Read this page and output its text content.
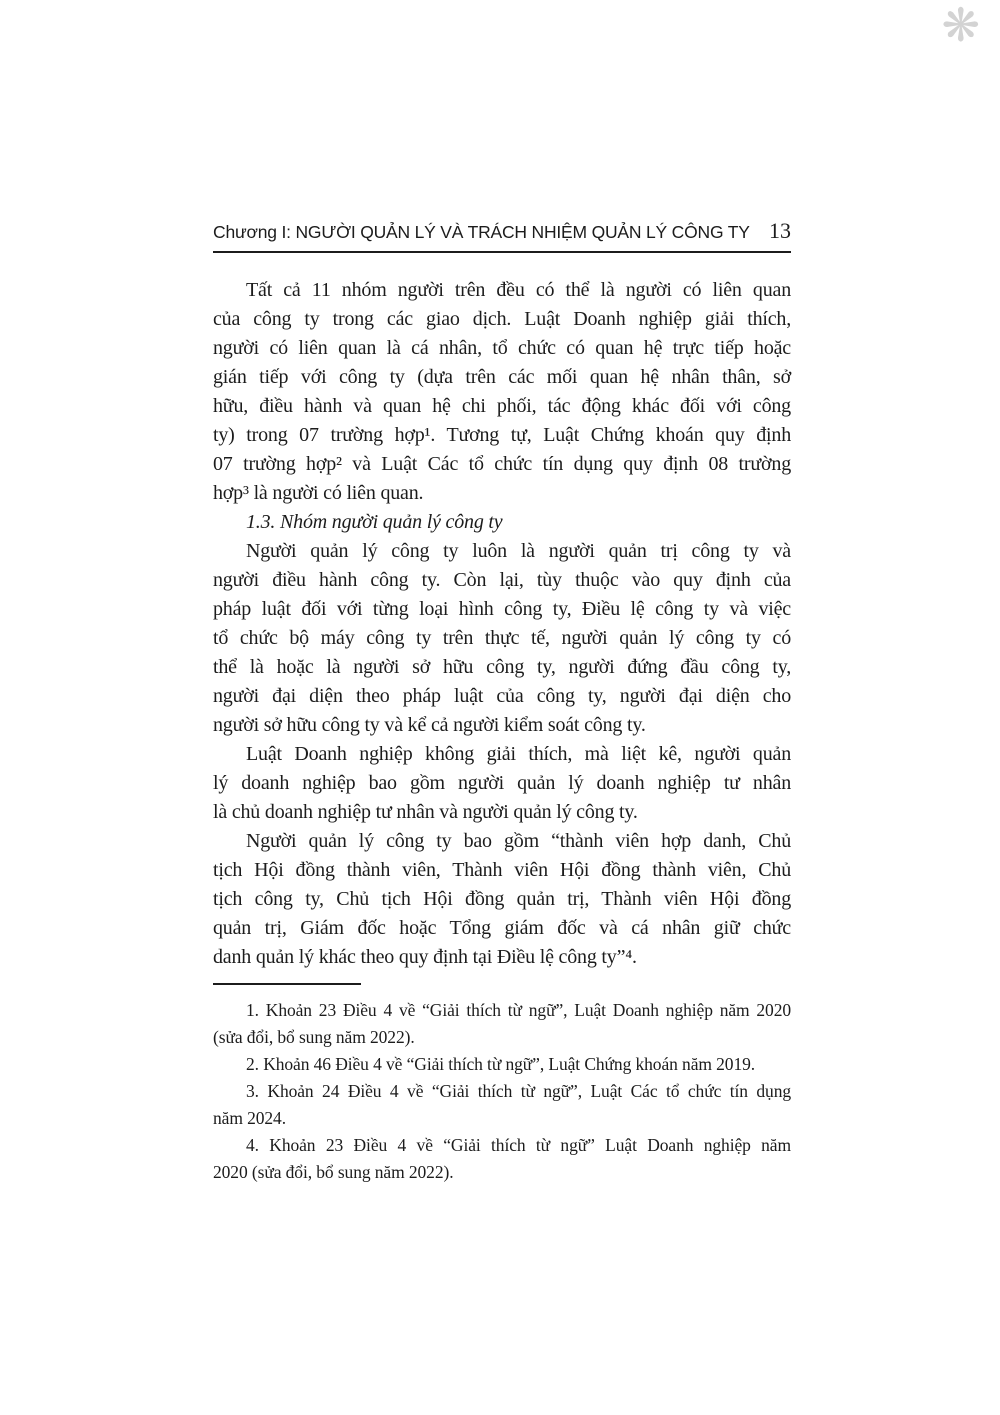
❋
Chương I: NGƯỜI QUẢN LÝ VÀ TRÁCH NHIỆM QUẢN LÝ CÔNG TY 13
Tất cả 11 nhóm người trên đều có thể là người có liên quan
của công ty trong các giao dịch. Luật Doanh nghiệp giải thích,
người có liên quan là cá nhân, tổ chức có quan hệ trực tiếp hoặc
gián tiếp với công ty (dựa trên các mối quan hệ nhân thân, sở
hữu, điều hành và quan hệ chi phối, tác động khác đối với công
ty) trong 07 trường hợp¹. Tương tự, Luật Chứng khoán quy định
07 trường hợp² và Luật Các tổ chức tín dụng quy định 08 trường
hợp³ là người có liên quan.
1.3. Nhóm người quản lý công ty
Người quản lý công ty luôn là người quản trị công ty và
người điều hành công ty. Còn lại, tùy thuộc vào quy định của
pháp luật đối với từng loại hình công ty, Điều lệ công ty và việc
tổ chức bộ máy công ty trên thực tế, người quản lý công ty có
thể là hoặc là người sở hữu công ty, người đứng đầu công ty,
người đại diện theo pháp luật của công ty, người đại diện cho
người sở hữu công ty và kể cả người kiểm soát công ty.
Luật Doanh nghiệp không giải thích, mà liệt kê, người quản
lý doanh nghiệp bao gồm người quản lý doanh nghiệp tư nhân
là chủ doanh nghiệp tư nhân và người quản lý công ty.
Người quản lý công ty bao gồm “thành viên hợp danh, Chủ
tịch Hội đồng thành viên, Thành viên Hội đồng thành viên, Chủ
tịch công ty, Chủ tịch Hội đồng quản trị, Thành viên Hội đồng
quản trị, Giám đốc hoặc Tổng giám đốc và cá nhân giữ chức
danh quản lý khác theo quy định tại Điều lệ công ty”⁴.
1. Khoản 23 Điều 4 về “Giải thích từ ngữ”, Luật Doanh nghiệp năm 2020
(sửa đổi, bổ sung năm 2022).
2. Khoản 46 Điều 4 về “Giải thích từ ngữ”, Luật Chứng khoán năm 2019.
3. Khoản 24 Điều 4 về “Giải thích từ ngữ”, Luật Các tổ chức tín dụng
năm 2024.
4. Khoản 23 Điều 4 về “Giải thích từ ngữ” Luật Doanh nghiệp năm
2020 (sửa đổi, bổ sung năm 2022).
